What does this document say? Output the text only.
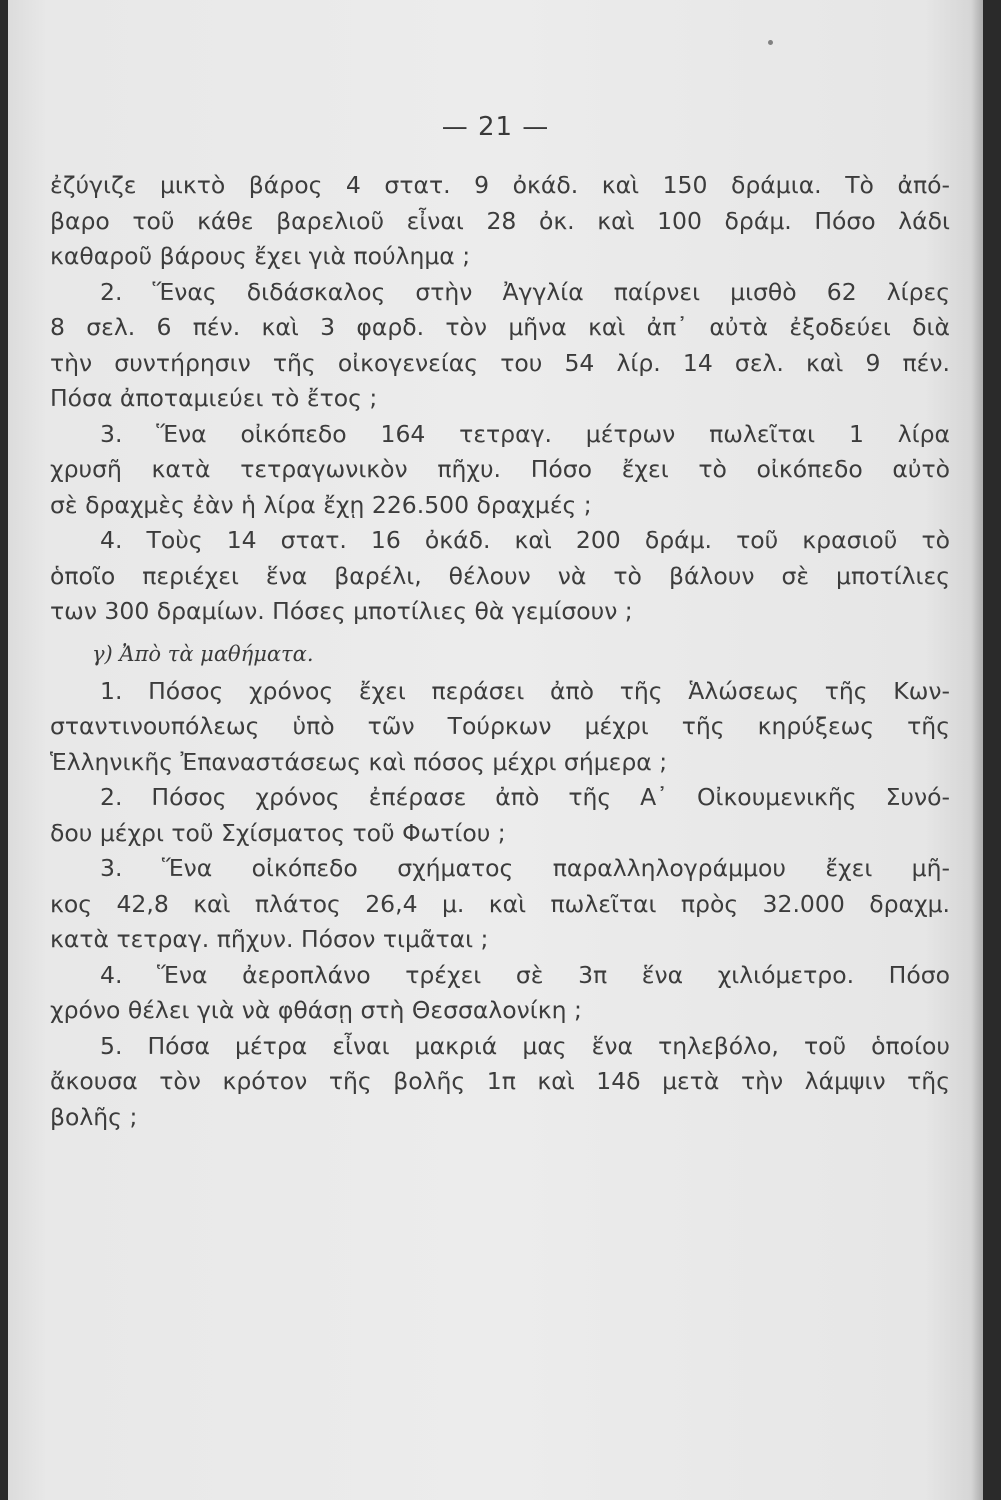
— 21 —
ἐζύγιζε μικτὸ βάρος 4 στατ. 9 ὀκάδ. καὶ 150 δράμια. Τὸ ἀπό-
βαρο τοῦ κάθε βαρελιοῦ εἶναι 28 ὀκ. καὶ 100 δράμ. Πόσο λάδι
καθαροῦ βάρους ἔχει γιὰ πούλημα ;
2. Ἕνας διδάσκαλος στὴν Ἀγγλία παίρνει μισθὸ 62 λίρες
8 σελ. 6 πέν. καὶ 3 φαρδ. τὸν μῆνα καὶ ἀπ᾽ αὐτὰ ἐξοδεύει διὰ
τὴν συντήρησιν τῆς οἰκογενείας του 54 λίρ. 14 σελ. καὶ 9 πέν.
Πόσα ἀποταμιεύει τὸ ἔτος ;
3. Ἕνα οἰκόπεδο 164 τετραγ. μέτρων πωλεῖται 1 λίρα
χρυσῆ κατὰ τετραγωνικὸν πῆχυ. Πόσο ἔχει τὸ οἰκόπεδο αὐτὸ
σὲ δραχμὲς ἐὰν ἡ λίρα ἔχῃ 226.500 δραχμές ;
4. Τοὺς 14 στατ. 16 ὀκάδ. καὶ 200 δράμ. τοῦ κρασιοῦ τὸ
ὁποῖο περιέχει ἕνα βαρέλι, θέλουν νὰ τὸ βάλουν σὲ μποτίλιες
των 300 δραμίων. Πόσες μποτίλιες θὰ γεμίσουν ;
γ) Ἀπὸ τὰ μαθήματα.
1. Πόσος χρόνος ἔχει περάσει ἀπὸ τῆς Ἁλώσεως τῆς Κων-
σταντινουπόλεως ὑπὸ τῶν Τούρκων μέχρι τῆς κηρύξεως τῆς
Ἑλληνικῆς Ἐπαναστάσεως καὶ πόσος μέχρι σήμερα ;
2. Πόσος χρόνος ἐπέρασε ἀπὸ τῆς Α᾽ Οἰκουμενικῆς Συνό-
δου μέχρι τοῦ Σχίσματος τοῦ Φωτίου ;
3. Ἕνα οἰκόπεδο σχήματος παραλληλογράμμου ἔχει μῆ-
κος 42,8 καὶ πλάτος 26,4 μ. καὶ πωλεῖται πρὸς 32.000 δραχμ.
κατὰ τετραγ. πῆχυν. Πόσον τιμᾶται ;
4. Ἕνα ἀεροπλάνο τρέχει σὲ 3π ἕνα χιλιόμετρο. Πόσο
χρόνο θέλει γιὰ νὰ φθάσῃ στὴ Θεσσαλονίκη ;
5. Πόσα μέτρα εἶναι μακριά μας ἕνα τηλεβόλο, τοῦ ὁποίου
ἄκουσα τὸν κρότον τῆς βολῆς 1π καὶ 14δ μετὰ τὴν λάμψιν τῆς
βολῆς ;
